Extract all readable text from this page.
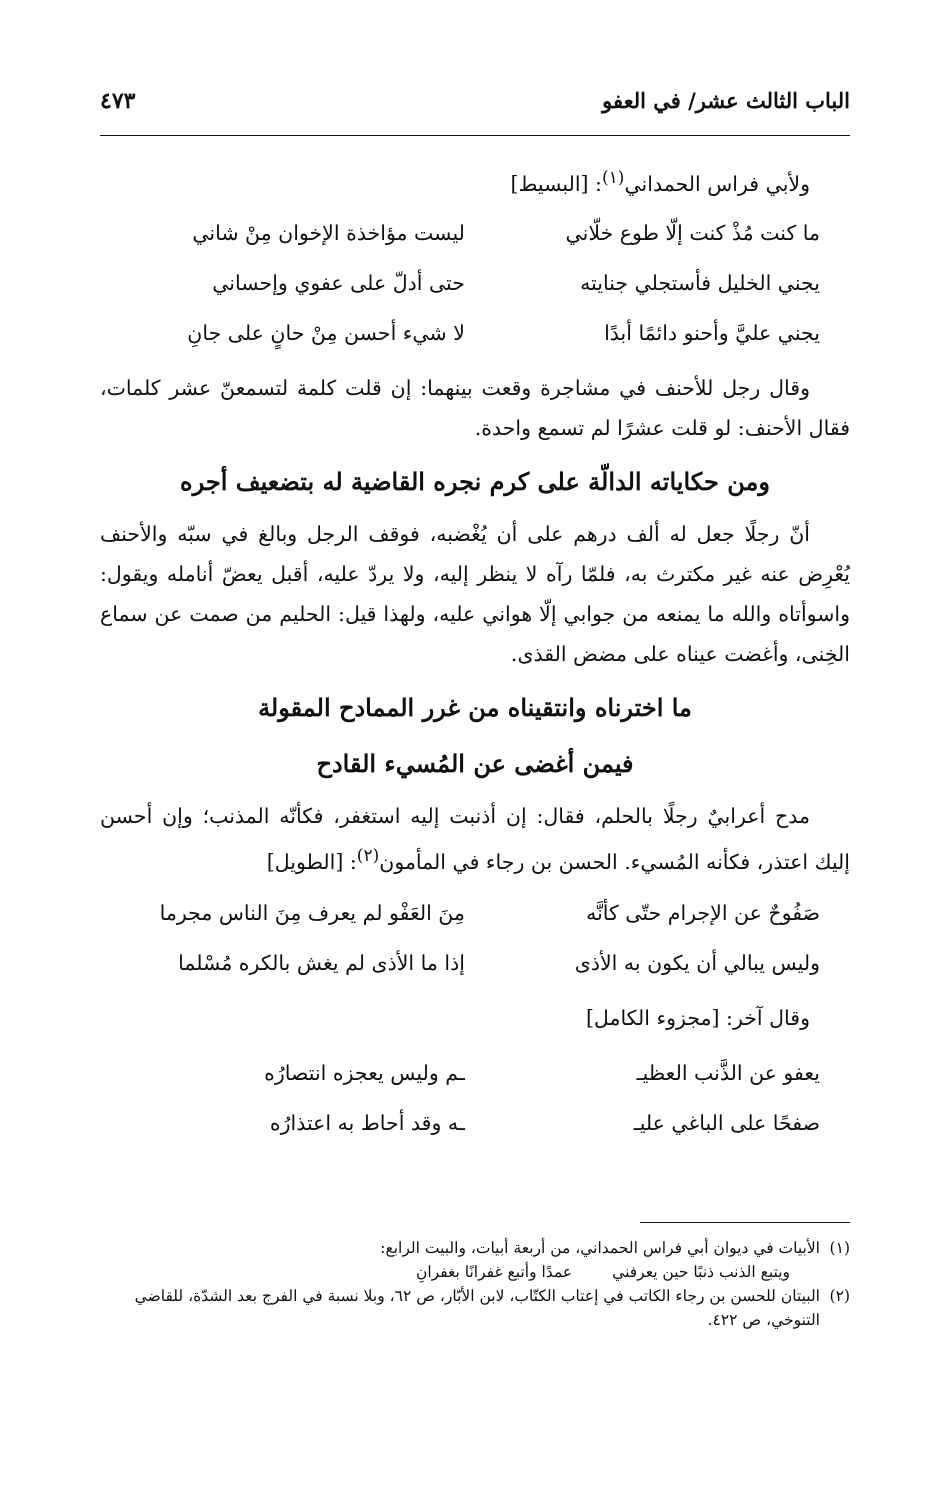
الباب الثالث عشر/ في العفو
٤٧٣

ولأبي فراس الحمداني$^{(١)}$: [البسيط]

ما كنت مُذْ كنت إلّا طوع خلّاني
ليست مؤاخذة الإخوان مِنْ شاني
يجني الخليل فأستجلي جنايته
حتى أدلّ على عفوي وإحساني
يجني عليَّ وأحنو دائمًا أبدًا
لا شيء أحسن مِنْ حانٍ على جانِ

وقال رجل للأحنف في مشاجرة وقعت بينهما: إن قلت كلمة لتسمعنّ عشر كلمات، فقال الأحنف: لو قلت عشرًا لم تسمع واحدة.

ومن حكاياته الدالّة على كرم نجره القاضية له بتضعيف أجره

أنّ رجلًا جعل له ألف درهم على أن يُغْضبه، فوقف الرجل وبالغ في سبّه والأحنف يُعْرِض عنه غير مكترث به، فلمّا رآه لا ينظر إليه، ولا يردّ عليه، أقبل يعضّ أنامله ويقول: واسوأتاه والله ما يمنعه من جوابي إلّا هواني عليه، ولهذا قيل: الحليم من صمت عن سماع الخِنى، وأغضت عيناه على مضض القذى.

ما اخترناه وانتقيناه من غرر الممادح المقولة
فيمن أغضى عن المُسيء القادح

مدح أعرابيٌ رجلًا بالحلم، فقال: إن أذنبت إليه استغفر، فكأنّه المذنب؛ وإن أحسن إليك اعتذر، فكأنه المُسيء. الحسن بن رجاء في المأمون$^{(٢)}$: [الطويل]

صَفُوحٌ عن الإجرام حتّى كأنَّه
مِنَ العَفْو لم يعرف مِنَ الناس مجرما
وليس يبالي أن يكون به الأذى
إذا ما الأذى لم يغش بالكره مُسْلما

وقال آخر: [مجزوء الكامل]

يعفو عن الذَّنب العظيـ
ـم وليس يعجزه انتصارُه
صفحًا على الباغي عليـ
ـه وقد أحاط به اعتذارُه
(١)
الأبيات في ديوان أبي فراس الحمداني، من أربعة أبيات، والبيت الرابع:
ويتبع الذنب ذنبًا حين يعرفني
عمدًا وأتبع غفرانًا بغفرانِ
(٢)
البيتان للحسن بن رجاء الكاتب في إعتاب الكتّاب، لابن الأبّار، ص ٦٢، وبلا نسبة في الفرج بعد الشدّة، للقاضي التنوخي، ص ٤٢٢.
